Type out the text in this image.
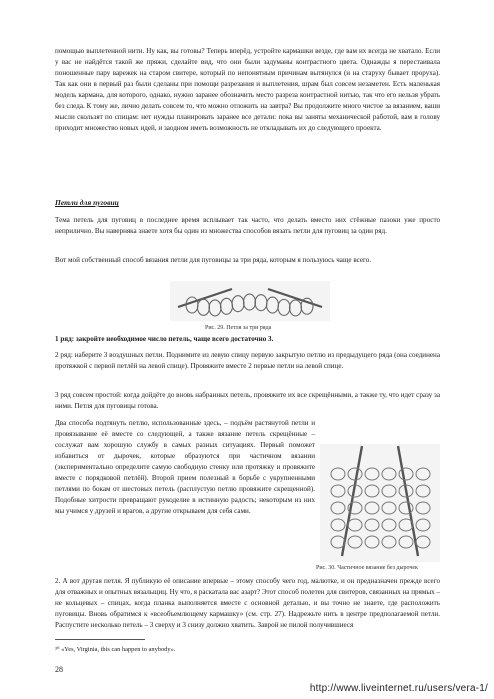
помощью выплетенной нити. Ну как, вы готовы? Теперь вперёд, устройте кармашки везде, где вам их всегда не хватало. Если у вас не найдётся такой же пряжи, сделайте вид, что они были задуманы контрастного цвета. Однажды я перестаивала поношенные пару варежек на старом свитере, который по непонятным причинам вытянулся (и на старуху бывает проруха). Так как они в первый раз были сделаны при помощи разрезания и выплетения, шрам был совсем незаметен. Есть маленькая модель кармана, для которого, однако, нужно заранее обозначить место разреза контрастной нитью, так что его нельзя убрать без следа. К тому же, лично делать совсем то, что можно отложить на завтра? Вы продолжите много чистое за вязанием, ваши мысли скользят по спицам: нет нужды планировать заранее все детали: пока вы заняты механической работой, вам в голову приходит множество новых идей, и заодном иметь возможность не откладывать их до следующего проекта.
Петли для пуговиц
Тема петель для пуговиц в последнее время всплывает так часто, что делать вместо них стёжные пазоки уже просто неприлично. Вы наверняка знаете хотя бы один из множества способов вязать петли для пуговиц за один ряд.
Вот мой собственный способ вязания петли для пуговицы за три ряда, которым я пользуюсь чаще всего.
Рис. 29. Петля за три ряда
1 ряд: закройте необходимое число петель, чаще всего достаточно 3.
2 ряд: наберите 3 воздушных петли. Поднимите из левую спицу первую закрытую петлю из предыдущего ряда (она соединена протяжкой с первой петлёй на левой спице). Провяжите вместе 2 первые петли на левой спице.
3 ряд совсем простой: когда дойдёте до вновь набранных петель, провяжите их все скрещёнными, а также ту, что идет сразу за ними. Петля для пуговицы готова.
Два способа подтянуть петлю, использованные здесь, – подъём растянутой петли и провязывание её вместе со следующей, а также вязание петель скрещённые – сослужат вам хорошую службу в самых разных ситуациях. Первый поможет избавиться от дырочек, которые образуются при частичном вязании (экспериментально определите самую свободную стенку или протяжку и провяжите вместе с порядковой петлёй). Второй прием полезный в борьбе с укрупненными петлями по бокам от шестовых петель (расплустую петлю провяжите скрещенной). Подобные хитрости превращают рукоделие в истинную радость; некоторым из них мы учимся у друзей и врагов, а другие открываем для себя сами.
Рис. 30. Частичное вязание без дырочек
2. А вот другая петля. Я публикую её описание впервые – этому способу чего год, малютке, и он предназначен прежде всего для отважных и опытных вязальщиц. Ну что, я раскатала вас азарт? Этот способ полетен для свитеров, связанных на прямых – не кольцевых – спицах, когда планка выполняется вместе с основной деталью, и вы точно не знаете, где расположить пуговицы. Вновь обратимся к «всеобъемлющему кармашку» (см. стр. 27). Надрежьте нить в центре предполагаемой петли. Распустите несколько петель – 3 сверху и 3 снизу должно хватить. Заврой не пилой получившиеся
³⁰ «Yes, Virginia, this can happen to anybody».
28
http://www.liveinternet.ru/users/vera-1/
